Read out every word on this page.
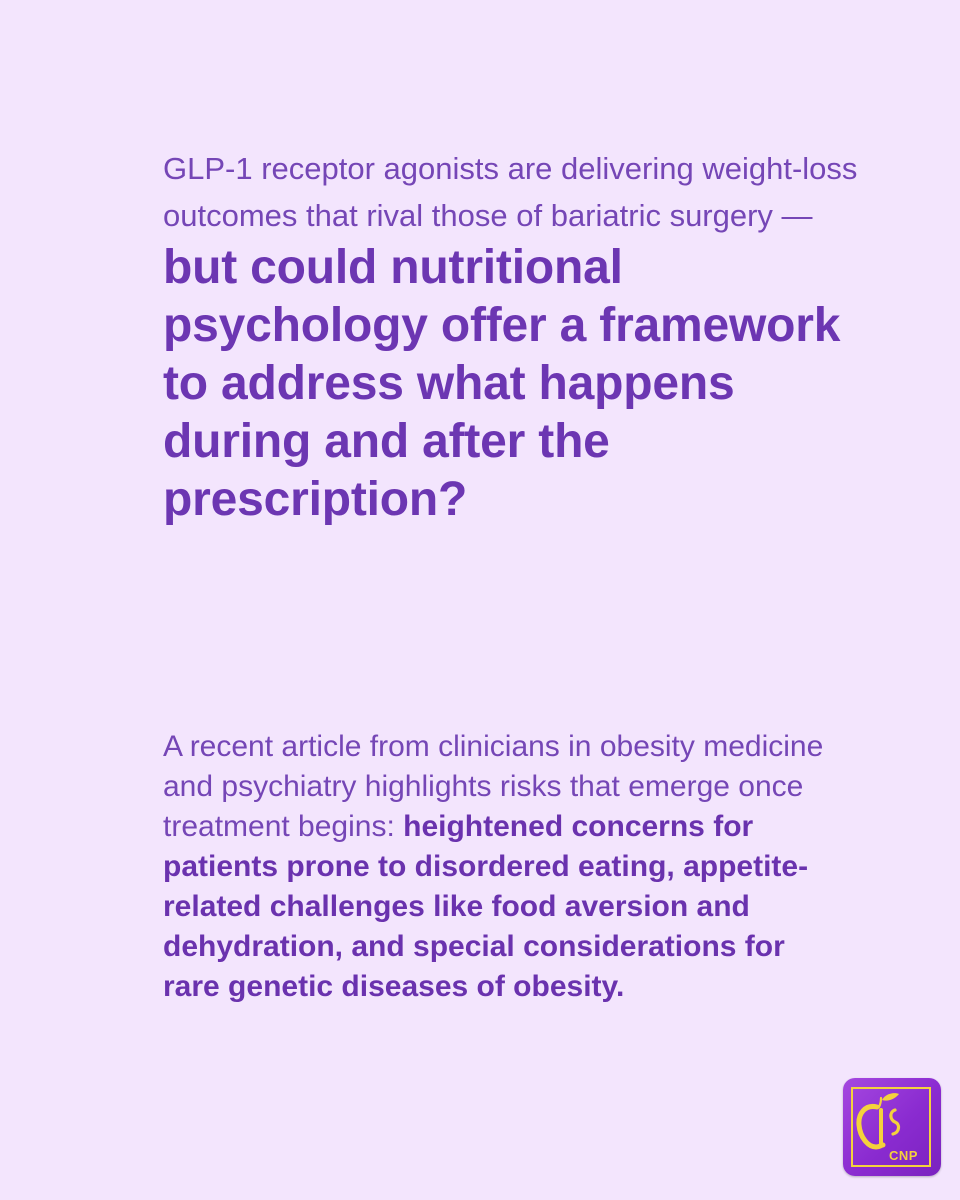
GLP-1 receptor agonists are delivering weight-loss outcomes that rival those of bariatric surgery — but could nutritional psychology offer a framework to address what happens during and after the prescription?
A recent article from clinicians in obesity medicine and psychiatry highlights risks that emerge once treatment begins: heightened concerns for patients prone to disordered eating, appetite-related challenges like food aversion and dehydration, and special considerations for rare genetic diseases of obesity.
CNP
